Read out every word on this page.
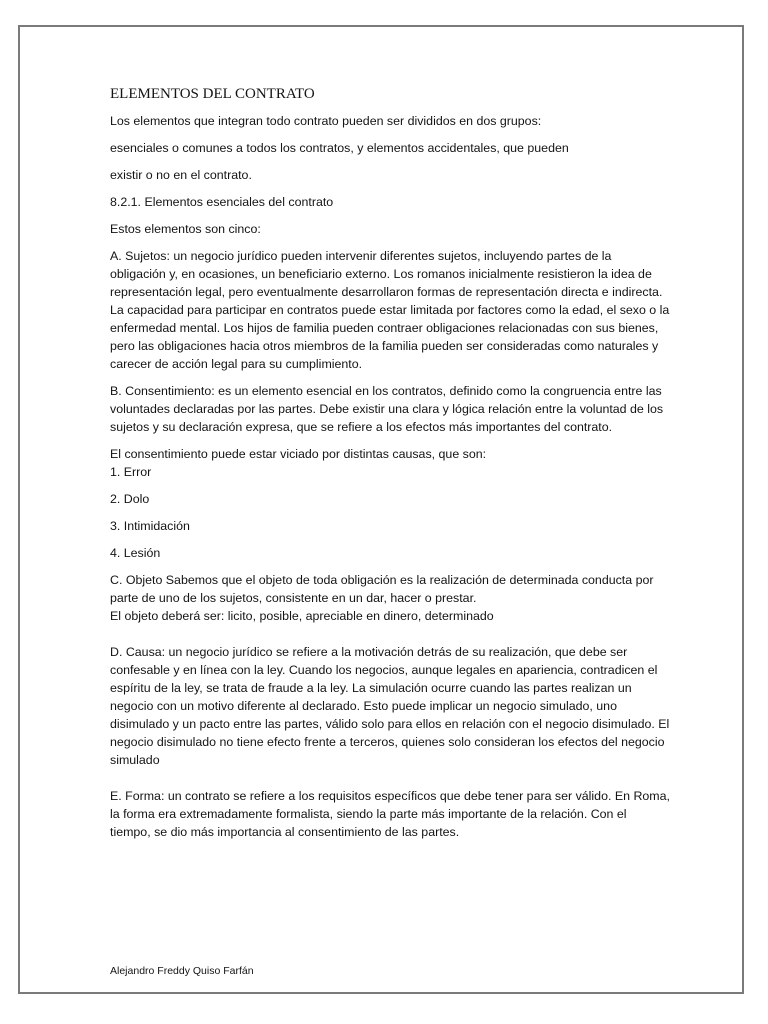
ELEMENTOS DEL CONTRATO
Los elementos que integran todo contrato pueden ser divididos en dos grupos:
esenciales o comunes a todos los contratos, y elementos accidentales, que pueden
existir o no en el contrato.
8.2.1. Elementos esenciales del contrato
Estos elementos son cinco:
A. Sujetos: un negocio jurídico pueden intervenir diferentes sujetos, incluyendo partes de la obligación y, en ocasiones, un beneficiario externo. Los romanos inicialmente resistieron la idea de representación legal, pero eventualmente desarrollaron formas de representación directa e indirecta. La capacidad para participar en contratos puede estar limitada por factores como la edad, el sexo o la enfermedad mental. Los hijos de familia pueden contraer obligaciones relacionadas con sus bienes, pero las obligaciones hacia otros miembros de la familia pueden ser consideradas como naturales y carecer de acción legal para su cumplimiento.
B. Consentimiento: es un elemento esencial en los contratos, definido como la congruencia entre las voluntades declaradas por las partes. Debe existir una clara y lógica relación entre la voluntad de los sujetos y su declaración expresa, que se refiere a los efectos más importantes del contrato.
El consentimiento puede estar viciado por distintas causas, que son:
1. Error
2. Dolo
3. Intimidación
4. Lesión
C. Objeto Sabemos que el objeto de toda obligación es la realización de determinada conducta por parte de uno de los sujetos, consistente en un dar, hacer o prestar.
El objeto deberá ser: licito, posible, apreciable en dinero, determinado
D. Causa: un negocio jurídico se refiere a la motivación detrás de su realización, que debe ser confesable y en línea con la ley. Cuando los negocios, aunque legales en apariencia, contradicen el espíritu de la ley, se trata de fraude a la ley. La simulación ocurre cuando las partes realizan un negocio con un motivo diferente al declarado. Esto puede implicar un negocio simulado, uno disimulado y un pacto entre las partes, válido solo para ellos en relación con el negocio disimulado. El negocio disimulado no tiene efecto frente a terceros, quienes solo consideran los efectos del negocio simulado
E. Forma: un contrato se refiere a los requisitos específicos que debe tener para ser válido. En Roma, la forma era extremadamente formalista, siendo la parte más importante de la relación. Con el tiempo, se dio más importancia al consentimiento de las partes.
Alejandro Freddy Quiso Farfán
